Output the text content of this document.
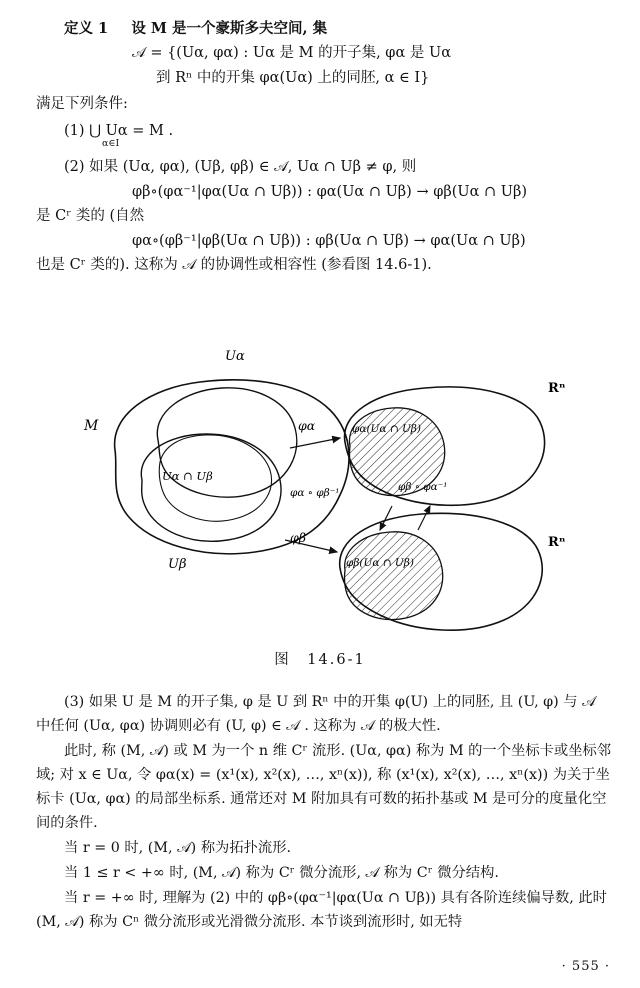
定义 1 设 M 是一个豪斯多夫空间, 集
𝒜 = {(Uα, φα) : Uα 是 M 的开子集, φα 是 Uα
到 Rⁿ 中的开集 φα(Uα) 上的同胚, α ∈ I}
满足下列条件:
(1) ⋃ Uα = M .
α∈I
(2) 如果 (Uα, φα), (Uβ, φβ) ∈ 𝒜, Uα ∩ Uβ ≠ φ, 则
φβ∘(φα⁻¹|φα(Uα ∩ Uβ)) : φα(Uα ∩ Uβ) → φβ(Uα ∩ Uβ)
是 Cʳ 类的 (自然
φα∘(φβ⁻¹|φβ(Uα ∩ Uβ)) : φβ(Uα ∩ Uβ) → φα(Uα ∩ Uβ)
也是 Cʳ 类的). 这称为 𝒜 的协调性或相容性 (参看图 14.6-1).
Uα
Uβ
M
Uα ∩ Uβ
Rⁿ
Rⁿ
φα
φβ
φα(Uα ∩ Uβ)
φβ(Uα ∩ Uβ)
φα ∘ φβ⁻¹	φβ ∘ φα⁻¹
图　14.6-1
(3) 如果 U 是 M 的开子集, φ 是 U 到 Rⁿ 中的开集 φ(U) 上的同胚, 且 (U, φ) 与 𝒜 中任何 (Uα, φα) 协调则必有 (U, φ) ∈ 𝒜 . 这称为 𝒜 的极大性.
此时, 称 (M, 𝒜) 或 M 为一个 n 维 Cʳ 流形. (Uα, φα) 称为 M 的一个坐标卡或坐标邻域; 对 x ∈ Uα, 令 φα(x) = (x¹(x), x²(x), …, xⁿ(x)), 称 (x¹(x), x²(x), …, xⁿ(x)) 为关于坐标卡 (Uα, φα) 的局部坐标系. 通常还对 M 附加具有可数的拓扑基或 M 是可分的度量化空间的条件.
当 r = 0 时, (M, 𝒜) 称为拓扑流形.
当 1 ≤ r < +∞ 时, (M, 𝒜) 称为 Cʳ 微分流形, 𝒜 称为 Cʳ 微分结构.
当 r = +∞ 时, 理解为 (2) 中的 φβ∘(φα⁻¹|φα(Uα ∩ Uβ)) 具有各阶连续偏导数, 此时 (M, 𝒜) 称为 Cⁿ 微分流形或光滑微分流形. 本节谈到流形时, 如无特
· 555 ·
